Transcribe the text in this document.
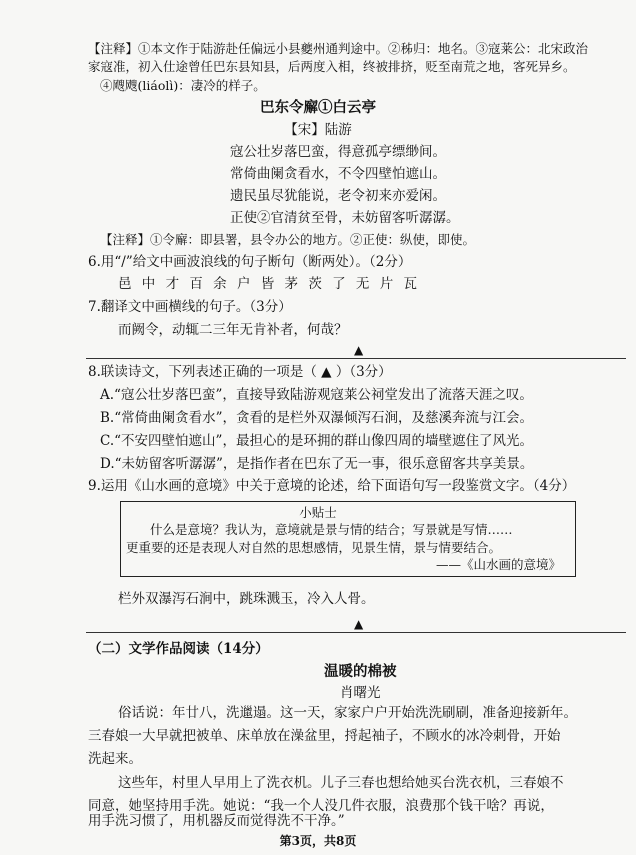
【注释】①本文作于陆游赴任偏远小县夔州通判途中。②秭归：地名。③寇莱公：北宋政治
家寇准，初入仕途曾任巴东县知县，后两度入相，终被排挤，贬至南荒之地，客死异乡。
④飕飕(liáolì)：凄冷的样子。
巴东令廨①白云亭
【宋】陆游
寇公壮岁落巴蛮，得意孤亭缥缈间。
常倚曲阑贪看水，不令四壁怕遮山。
遗民虽尽犹能说，老令初来亦爱闲。
正使②官清贫至骨，未妨留客听潺潺。
【注释】①令廨：即县署，县令办公的地方。②正使：纵使，即使。
6.用“/”给文中画波浪线的句子断句（断两处）。（2分）
邑 中 才 百 余 户 皆 茅 茨 了 无 片 瓦
7.翻译文中画横线的句子。（3分）
而阙令，动辄二三年无肯补者，何哉？
▲
8.联读诗文，下列表述正确的一项是（ ▲ ）（3分）
A.“寇公壮岁落巴蛮”，直接导致陆游观寇莱公祠堂发出了流落天涯之叹。
B.“常倚曲阑贪看水”，贪看的是栏外双瀑倾泻石涧，及慈溪奔流与江会。
C.“不安四壁怕遮山”，最担心的是环拥的群山像四周的墙壁遮住了风光。
D.“未妨留客听潺潺”，是指作者在巴东了无一事，很乐意留客共享美景。
9.运用《山水画的意境》中关于意境的论述，给下面语句写一段鉴赏文字。（4分）
小贴士
什么是意境？我认为，意境就是景与情的结合；写景就是写情……
更重要的还是表现人对自然的思想感情，见景生情，景与情要结合。
——《山水画的意境》
栏外双瀑泻石涧中，跳珠溅玉，冷入人骨。
▲
（二）文学作品阅读（14分）
温暖的棉被
肖曙光
俗话说：年廿八，洗邋遢。这一天，家家户户开始洗洗刷刷，准备迎接新年。
三春娘一大早就把被单、床单放在澡盆里，捋起袖子，不顾水的冰冷刺骨，开始
洗起来。
这些年，村里人早用上了洗衣机。儿子三春也想给她买台洗衣机，三春娘不
同意，她坚持用手洗。她说：“我一个人没几件衣服，浪费那个钱干啥？再说，
用手洗习惯了，用机器反而觉得洗不干净。”
第3页，共8页
